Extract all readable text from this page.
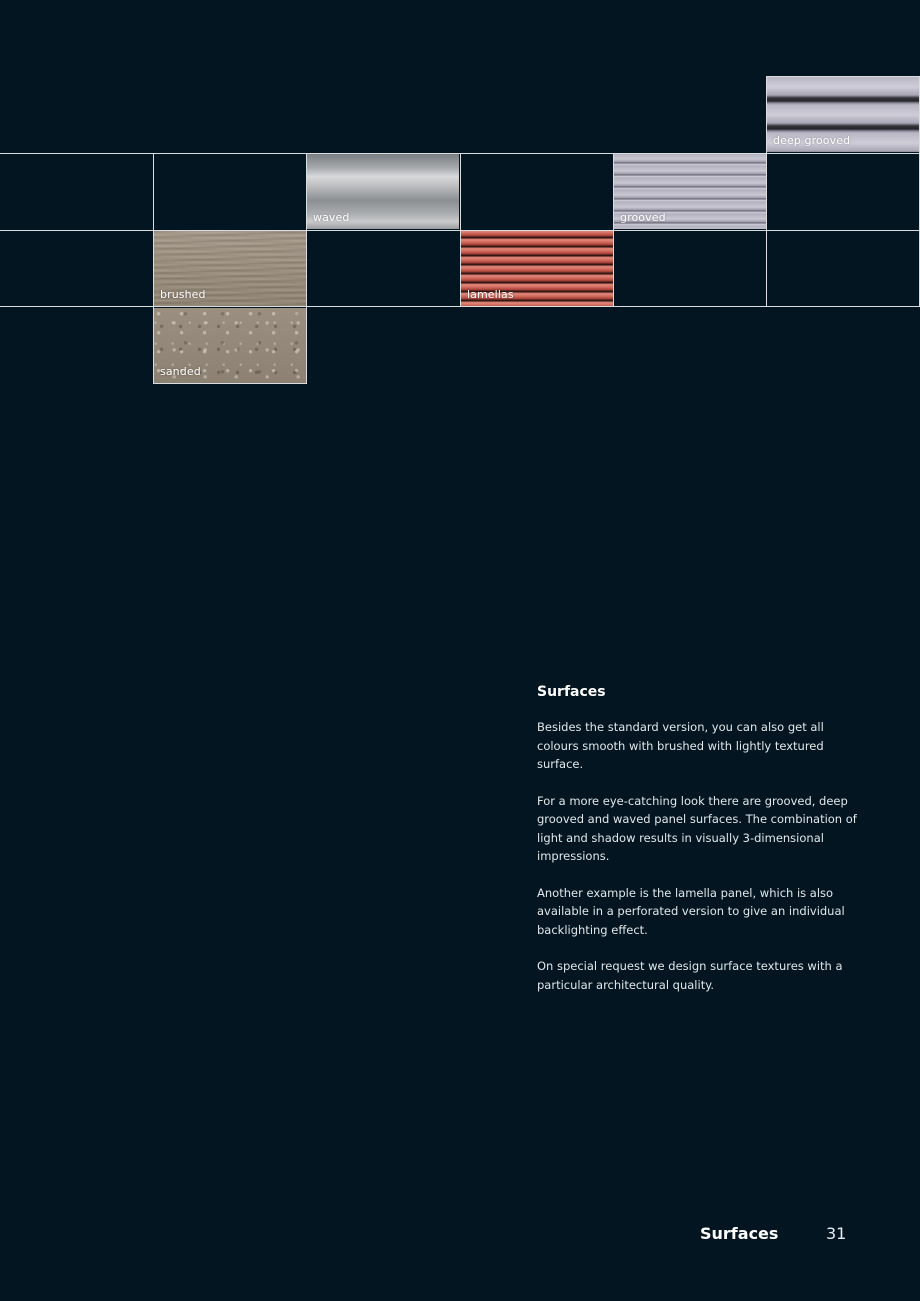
deep grooved
waved	grooved
brushed	lamellas
sanded
Surfaces

Besides the standard version, you can also get all colours smooth with brushed with lightly textured surface.

For a more eye-catching look there are grooved, deep grooved and waved panel surfaces. The combination of light and shadow results in visually 3-dimensional impressions.

Another example is the lamella panel, which is also available in a perforated version to give an individual backlighting effect.

On special request we design surface textures with a particular architectural quality.

Surfaces	31
